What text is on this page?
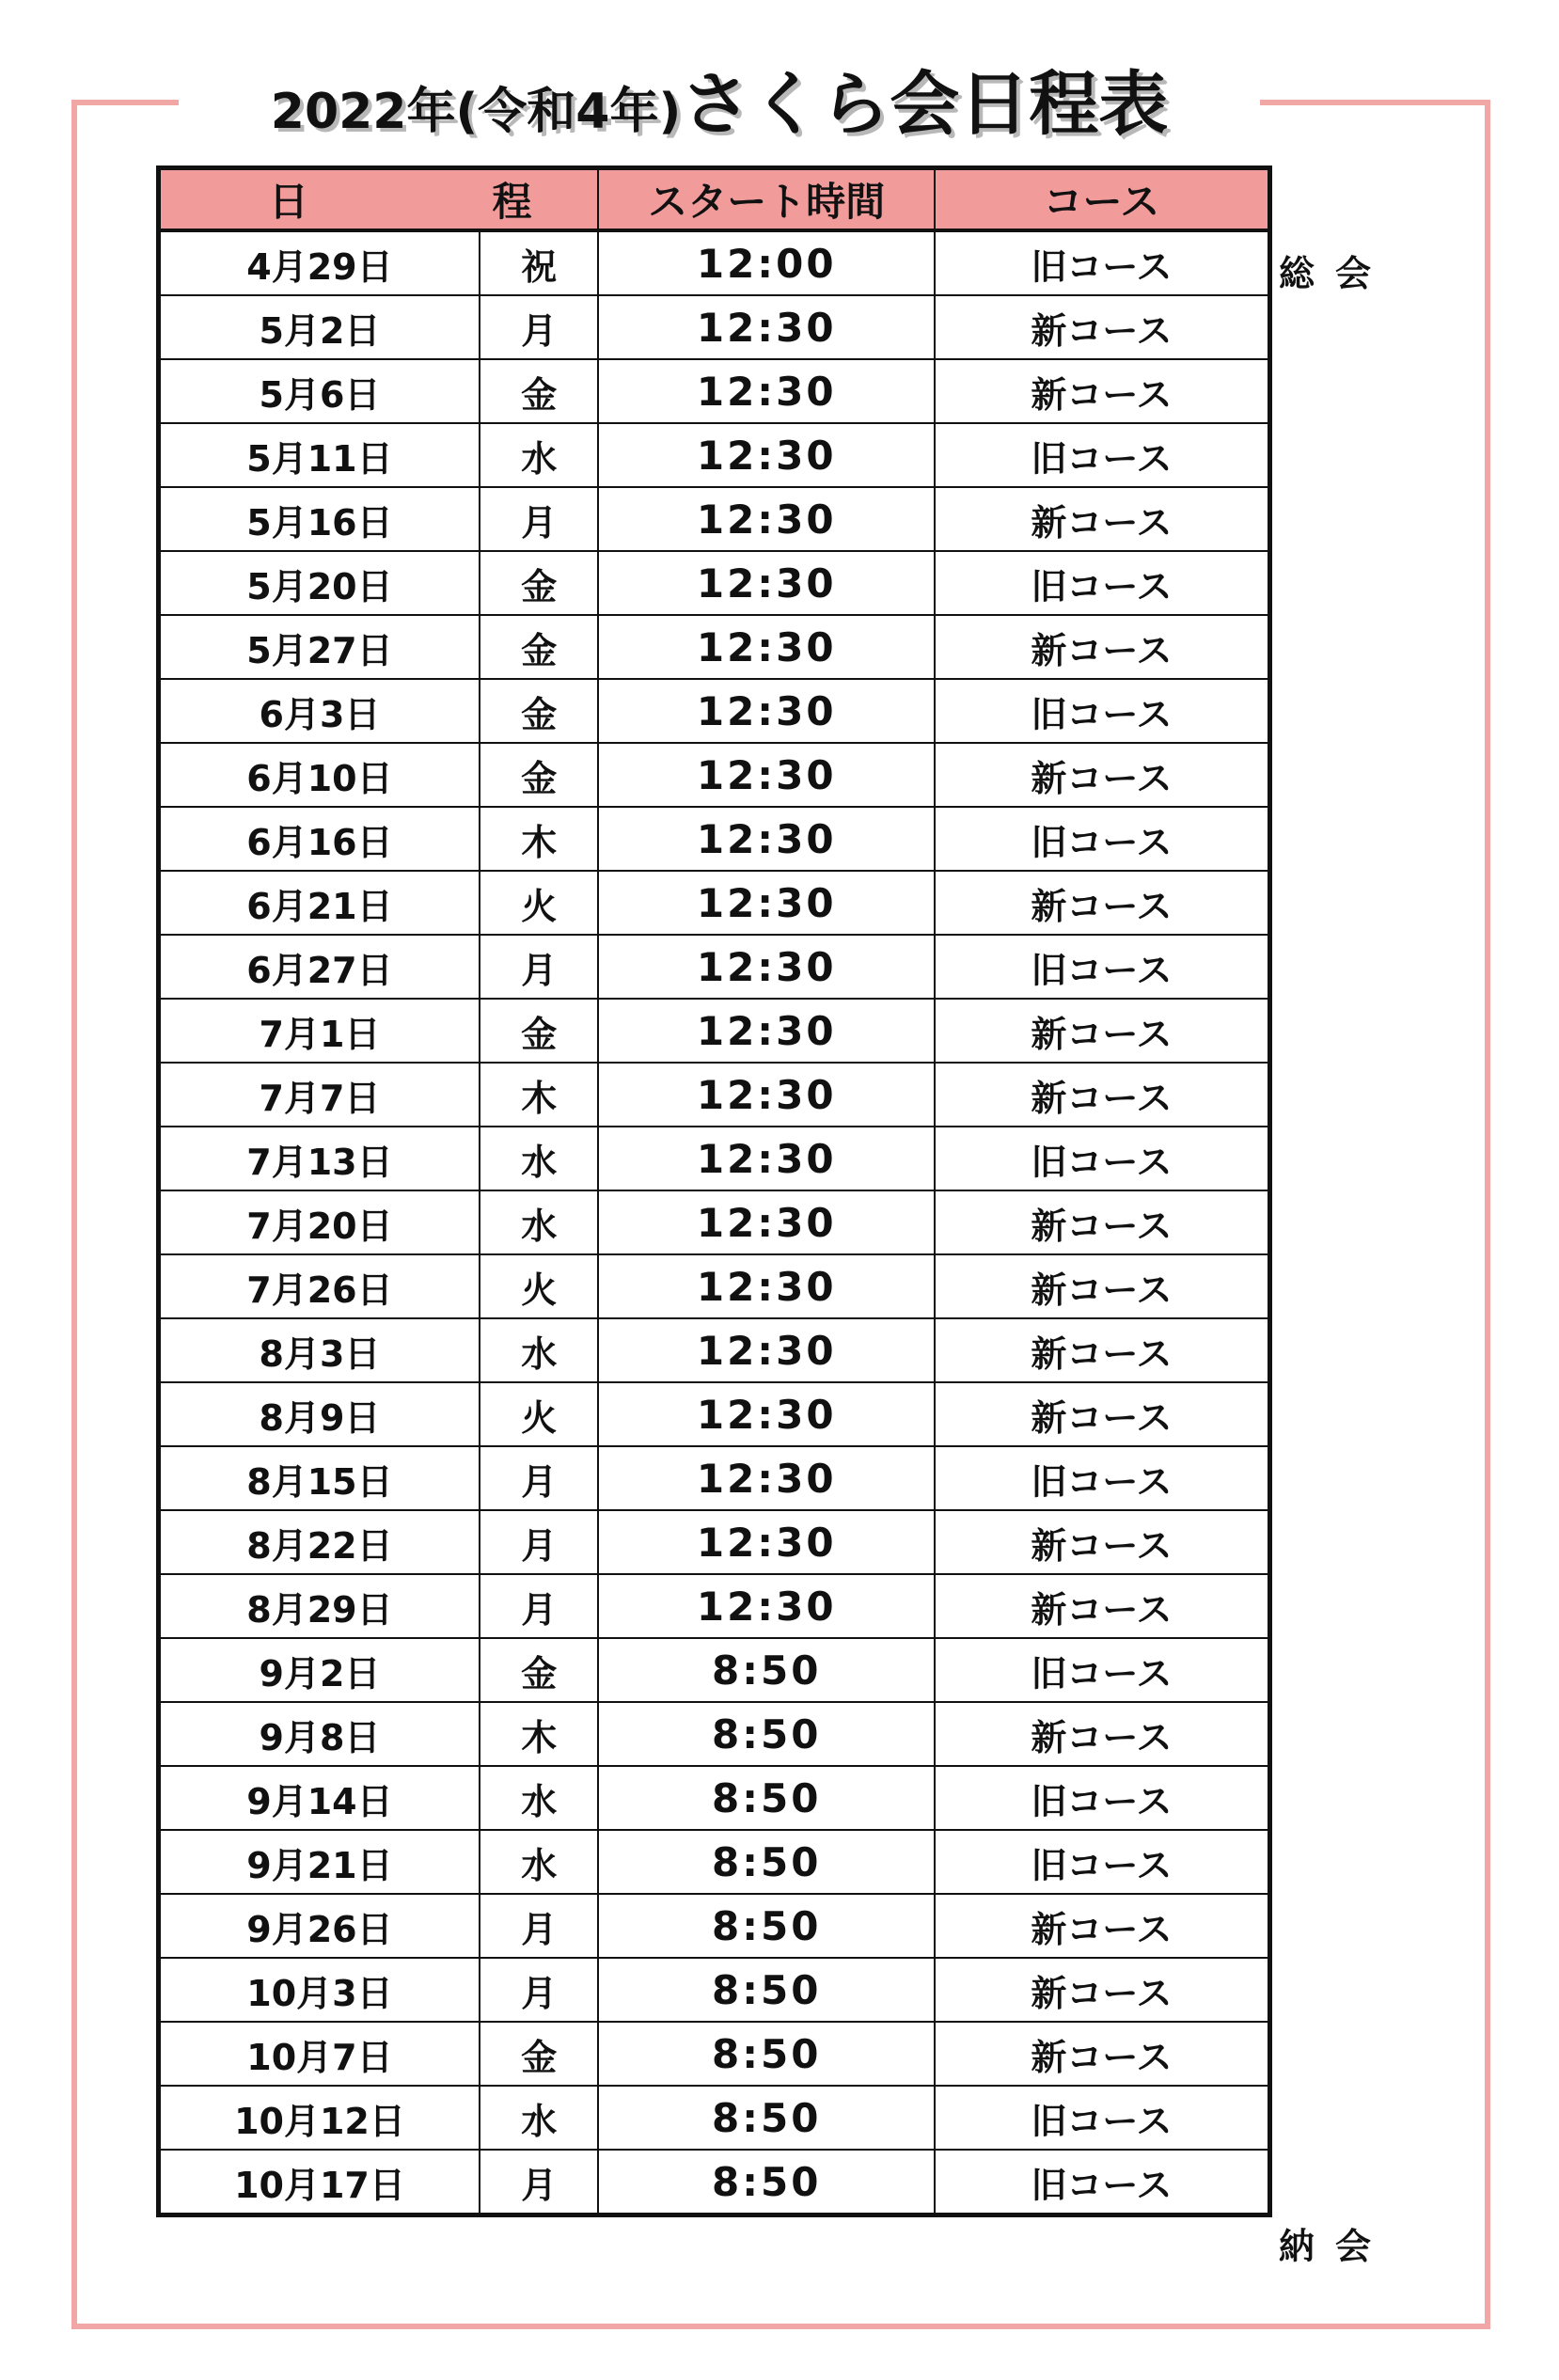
2022年(令和4年)さくら会日程表
日 程		スタート時間	コース
4月29日	祝	12:00	旧コース
5月2日	月	12:30	新コース
5月6日	金	12:30	新コース
5月11日	水	12:30	旧コース
5月16日	月	12:30	新コース
5月20日	金	12:30	旧コース
5月27日	金	12:30	新コース
6月3日	金	12:30	旧コース
6月10日	金	12:30	新コース
6月16日	木	12:30	旧コース
6月21日	火	12:30	新コース
6月27日	月	12:30	旧コース
7月1日	金	12:30	新コース
7月7日	木	12:30	新コース
7月13日	水	12:30	旧コース
7月20日	水	12:30	新コース
7月26日	火	12:30	新コース
8月3日	水	12:30	新コース
8月9日	火	12:30	新コース
8月15日	月	12:30	旧コース
8月22日	月	12:30	新コース
8月29日	月	12:30	新コース
9月2日	金	8:50	旧コース
9月8日	木	8:50	新コース
9月14日	水	8:50	旧コース
9月21日	水	8:50	旧コース
9月26日	月	8:50	新コース
10月3日	月	8:50	新コース
10月7日	金	8:50	新コース
10月12日	水	8:50	旧コース
10月17日	月	8:50	旧コース
総会
納会
